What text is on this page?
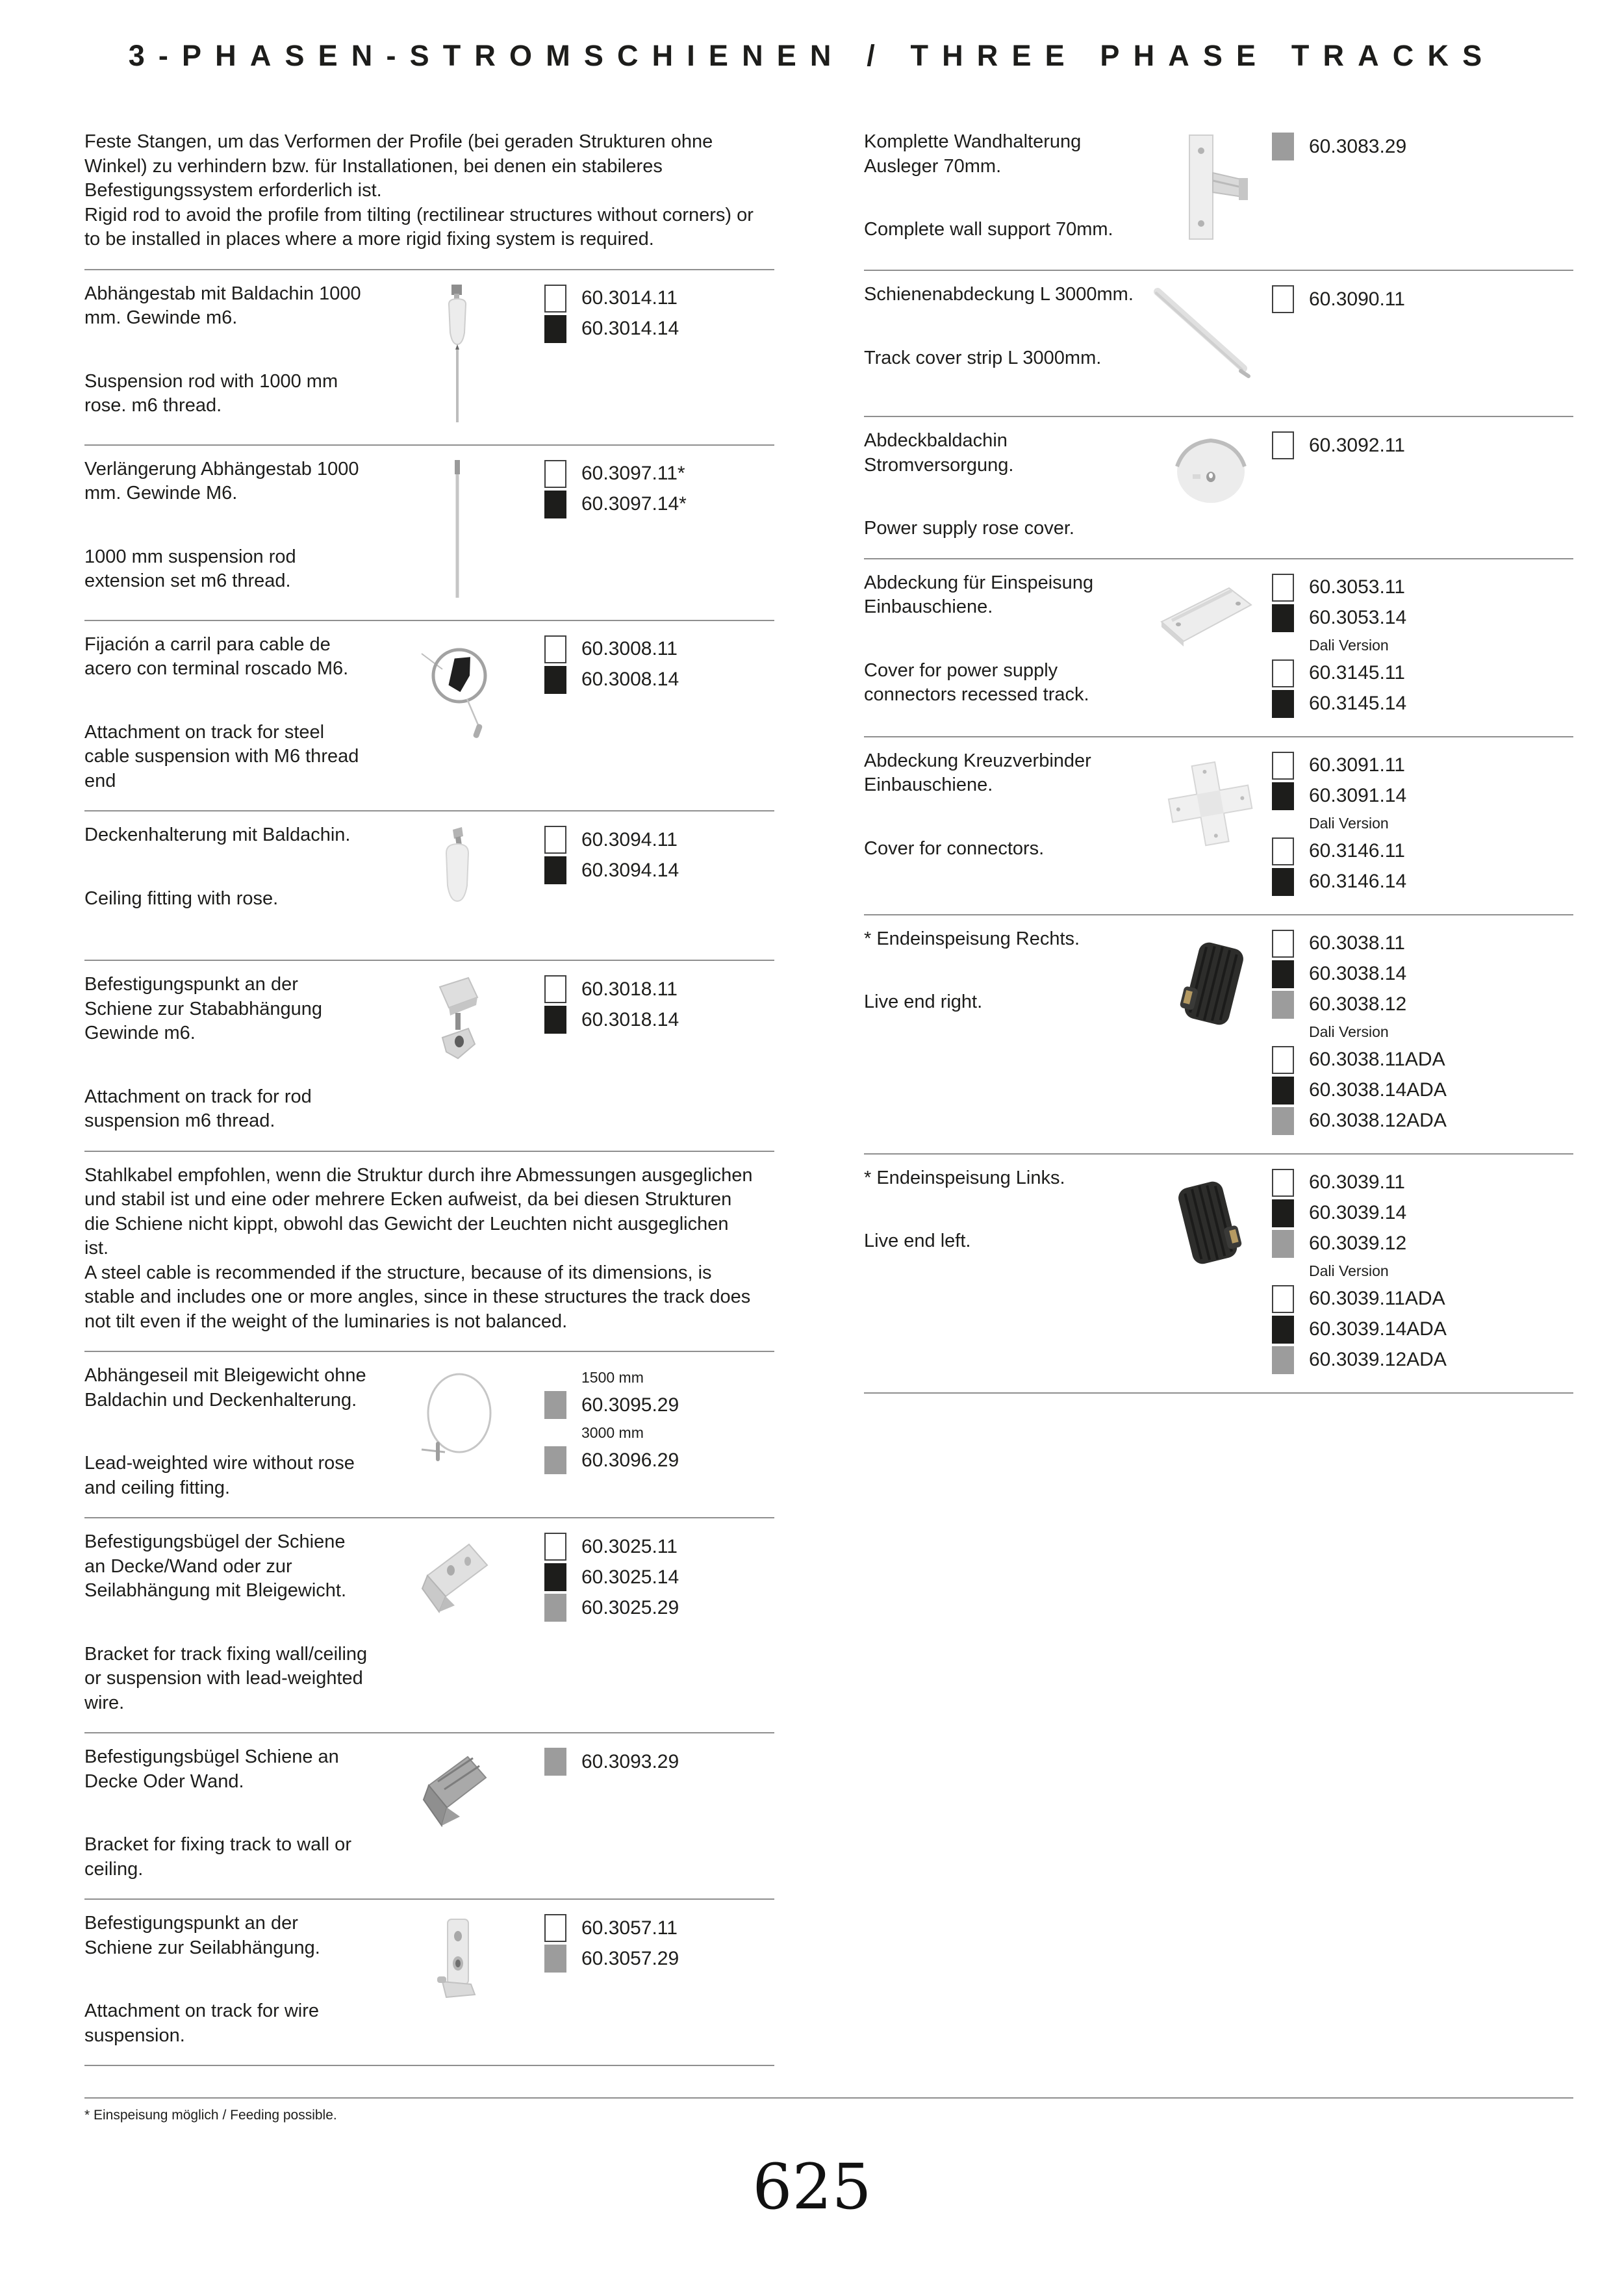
3-PHASEN-STROMSCHIENEN / THREE PHASE TRACKS

Feste Stangen, um das Verformen der Profile (bei geraden Strukturen ohne Winkel) zu verhindern bzw. für Installationen, bei denen ein stabileres Befestigungssystem erforderlich ist.

Rigid rod to avoid the profile from tilting (rectilinear structures without corners) or to be installed in places where a more rigid fixing system is required.

Abhängestab mit Baldachin 1000 mm. Gewinde m6.

Suspension rod with 1000 mm rose. m6 thread.

60.3014.11
60.3014.14

Verlängerung Abhängestab 1000 mm. Gewinde M6.

1000 mm suspension rod extension set m6 thread.

60.3097.11*
60.3097.14*

Fijación a carril para cable de acero con terminal roscado M6.

Attachment on track for steel cable suspension with M6 thread end

60.3008.11
60.3008.14

Deckenhalterung mit Baldachin.

Ceiling fitting with rose.

60.3094.11
60.3094.14

Befestigungspunkt an der Schiene zur Stababhängung Gewinde m6.

Attachment on track for rod suspension m6 thread.

60.3018.11
60.3018.14

Stahlkabel empfohlen, wenn die Struktur durch ihre Abmessungen ausgeglichen und stabil ist und eine oder mehrere Ecken aufweist, da bei diesen Strukturen die Schiene nicht kippt, obwohl das Gewicht der Leuchten nicht ausgeglichen ist.

A steel cable is recommended if the structure, because of its dimensions, is stable and includes one or more angles, since in these structures the track does not tilt even if the weight of the luminaries is not balanced.

Abhängeseil mit Bleigewicht ohne Baldachin und Deckenhalterung.

Lead-weighted wire without rose and ceiling fitting.

1500 mm
60.3095.29
3000 mm
60.3096.29

Befestigungsbügel der Schiene an Decke/Wand oder zur Seilabhängung mit Bleigewicht.

Bracket for track fixing wall/ceiling or suspension with lead-weighted wire.

60.3025.11
60.3025.14
60.3025.29

Befestigungsbügel Schiene an Decke Oder Wand.

Bracket for fixing track to wall or ceiling.

60.3093.29

Befestigungspunkt an der Schiene zur Seilabhängung.

Attachment on track for wire suspension.

60.3057.11
60.3057.29

Komplette Wandhalterung Ausleger 70mm.

Complete wall support 70mm.

60.3083.29

Schienenabdeckung L 3000mm.

Track cover strip L 3000mm.

60.3090.11

Abdeckbaldachin Stromversorgung.

Power supply rose cover.

60.3092.11

Abdeckung für Einspeisung Einbauschiene.

Cover for power supply connectors recessed track.

60.3053.11
60.3053.14
Dali Version
60.3145.11
60.3145.14

Abdeckung Kreuzverbinder Einbauschiene.

Cover for connectors.

60.3091.11
60.3091.14
Dali Version
60.3146.11
60.3146.14

* Endeinspeisung Rechts.

Live end right.

60.3038.11
60.3038.14
60.3038.12
Dali Version
60.3038.11ADA
60.3038.14ADA
60.3038.12ADA

* Endeinspeisung Links.

Live end left.

60.3039.11
60.3039.14
60.3039.12
Dali Version
60.3039.11ADA
60.3039.14ADA
60.3039.12ADA

* Einspeisung möglich / Feeding possible.

625
